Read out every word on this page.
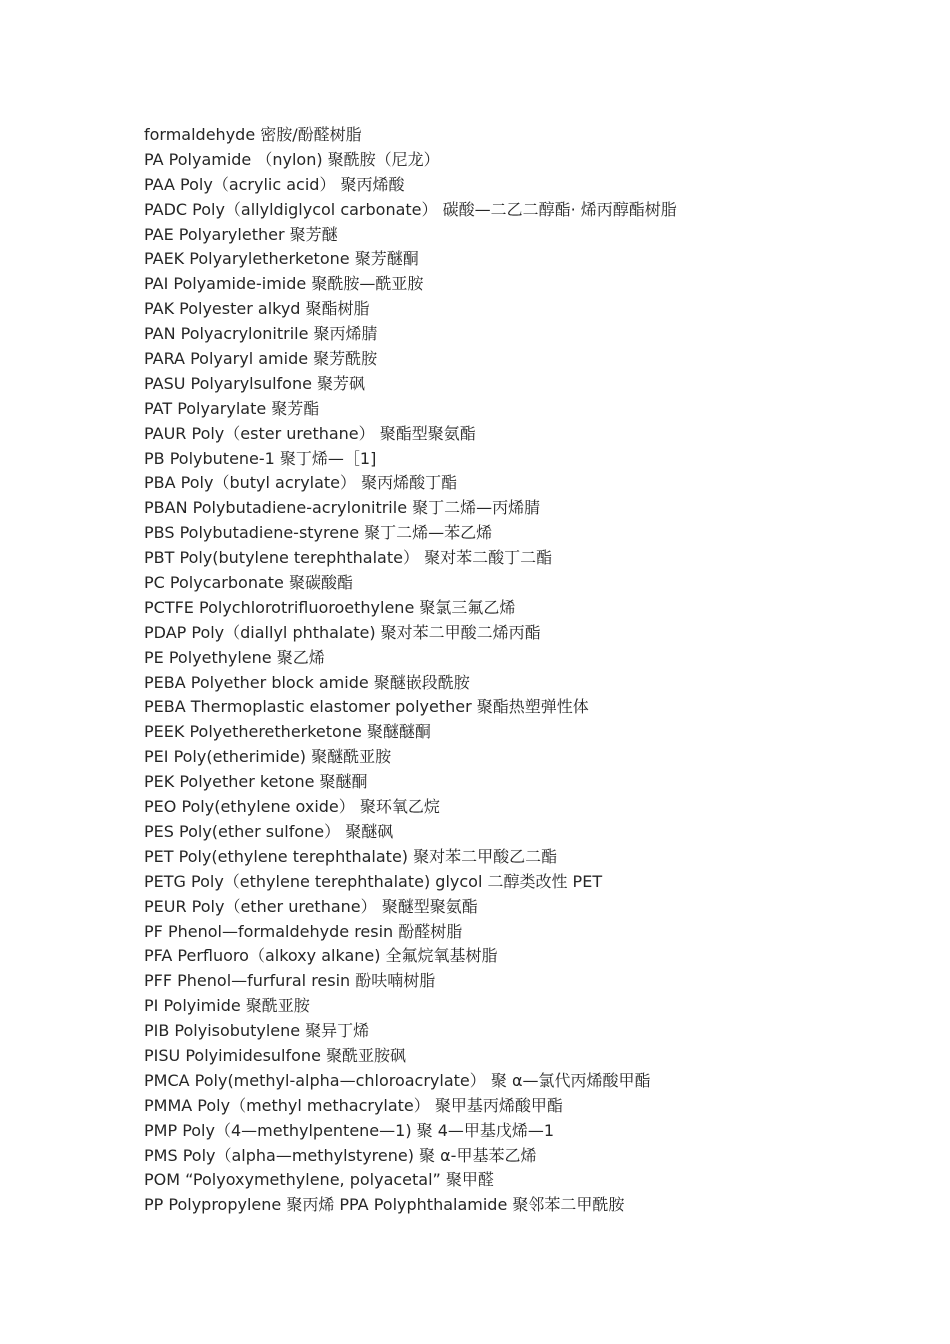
formaldehyde 密胺/酚醛树脂
PA Polyamide （nylon) 聚酰胺（尼龙）
PAA Poly（acrylic acid） 聚丙烯酸
PADC Poly（allyldiglycol carbonate） 碳酸—二乙二醇酯· 烯丙醇酯树脂
PAE Polyarylether 聚芳醚
PAEK Polyaryletherketone 聚芳醚酮
PAI Polyamide-imide 聚酰胺—酰亚胺
PAK Polyester alkyd 聚酯树脂
PAN Polyacrylonitrile 聚丙烯腈
PARA Polyaryl amide 聚芳酰胺
PASU Polyarylsulfone 聚芳砜
PAT Polyarylate 聚芳酯
PAUR Poly（ester urethane） 聚酯型聚氨酯
PB Polybutene-1 聚丁烯—［1]
PBA Poly（butyl acrylate） 聚丙烯酸丁酯
PBAN Polybutadiene-acrylonitrile 聚丁二烯—丙烯腈
PBS Polybutadiene-styrene 聚丁二烯—苯乙烯
PBT Poly(butylene terephthalate） 聚对苯二酸丁二酯
PC Polycarbonate 聚碳酸酯
PCTFE Polychlorotrifluoroethylene 聚氯三氟乙烯
PDAP Poly（diallyl phthalate) 聚对苯二甲酸二烯丙酯
PE Polyethylene 聚乙烯
PEBA Polyether block amide 聚醚嵌段酰胺
PEBA Thermoplastic elastomer polyether 聚酯热塑弹性体
PEEK Polyetheretherketone 聚醚醚酮
PEI Poly(etherimide) 聚醚酰亚胺
PEK Polyether ketone 聚醚酮
PEO Poly(ethylene oxide） 聚环氧乙烷
PES Poly(ether sulfone） 聚醚砜
PET Poly(ethylene terephthalate) 聚对苯二甲酸乙二酯
PETG Poly（ethylene terephthalate) glycol 二醇类改性 PET
PEUR Poly（ether urethane） 聚醚型聚氨酯
PF Phenol—formaldehyde resin 酚醛树脂
PFA Perfluoro（alkoxy alkane) 全氟烷氧基树脂
PFF Phenol—furfural resin 酚呋喃树脂
PI Polyimide 聚酰亚胺
PIB Polyisobutylene 聚异丁烯
PISU Polyimidesulfone 聚酰亚胺砜
PMCA Poly(methyl-alpha—chloroacrylate） 聚 α—氯代丙烯酸甲酯
PMMA Poly（methyl methacrylate） 聚甲基丙烯酸甲酯
PMP Poly（4—methylpentene—1) 聚 4—甲基戊烯—1
PMS Poly（alpha—methylstyrene) 聚 α-甲基苯乙烯
POM “Polyoxymethylene, polyacetal” 聚甲醛
PP Polypropylene 聚丙烯 PPA Polyphthalamide 聚邻苯二甲酰胺
